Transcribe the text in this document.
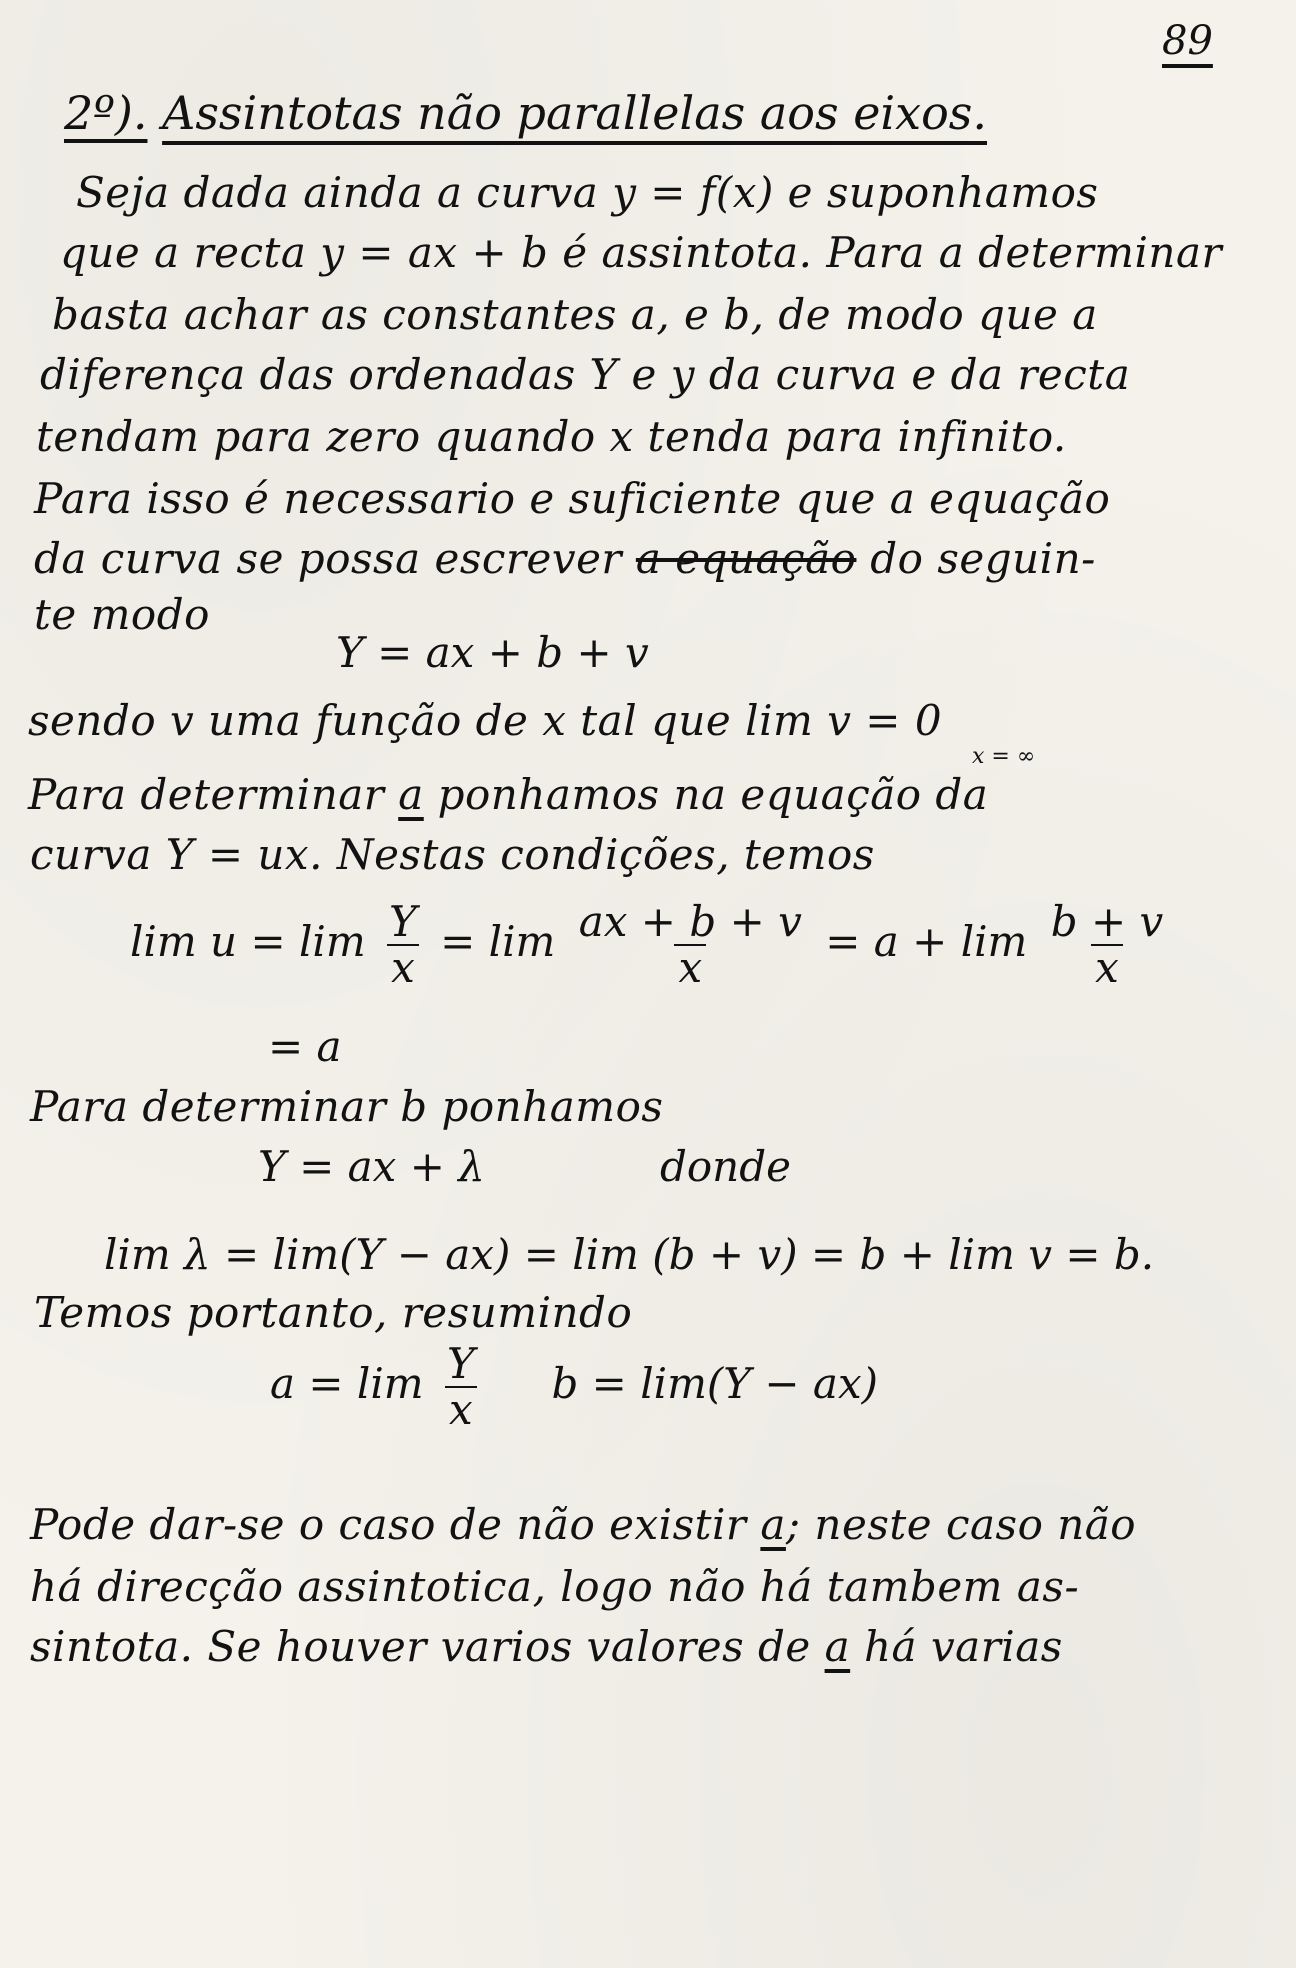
89
2º). Assintotas não parallelas aos eixos.
Seja dada ainda a curva y = f(x) e suponhamos
que a recta y = ax + b é assintota. Para a determinar
basta achar as constantes a, e b, de modo que a
diferença das ordenadas Y e y da curva e da recta
tendam para zero quando x tenda para infinito.
Para isso é necessario e suficiente que a equação
da curva se possa escrever a equação do seguin-
te modo
Y = ax + b + v
sendo v uma função de x tal que lim v = 0
x = ∞
Para determinar a ponhamos na equação da
curva Y = ux. Nestas condições, temos
$\lim u = \lim \frac{Y}{x} = \lim \frac{ax + b + v}{x} = a + \lim \frac{b + v}{x}$
= a
Para determinar b ponhamos
Y = ax + λ	donde
lim λ = lim(Y − ax) = lim (b + v) = b + lim v = b.
Temos portanto, resumindo
$a = \lim \frac{Y}{x}$ b = lim(Y − ax)
Pode dar-se o caso de não existir a; neste caso não
há direcção assintotica, logo não há tambem as-
sintota. Se houver varios valores de a há varias
